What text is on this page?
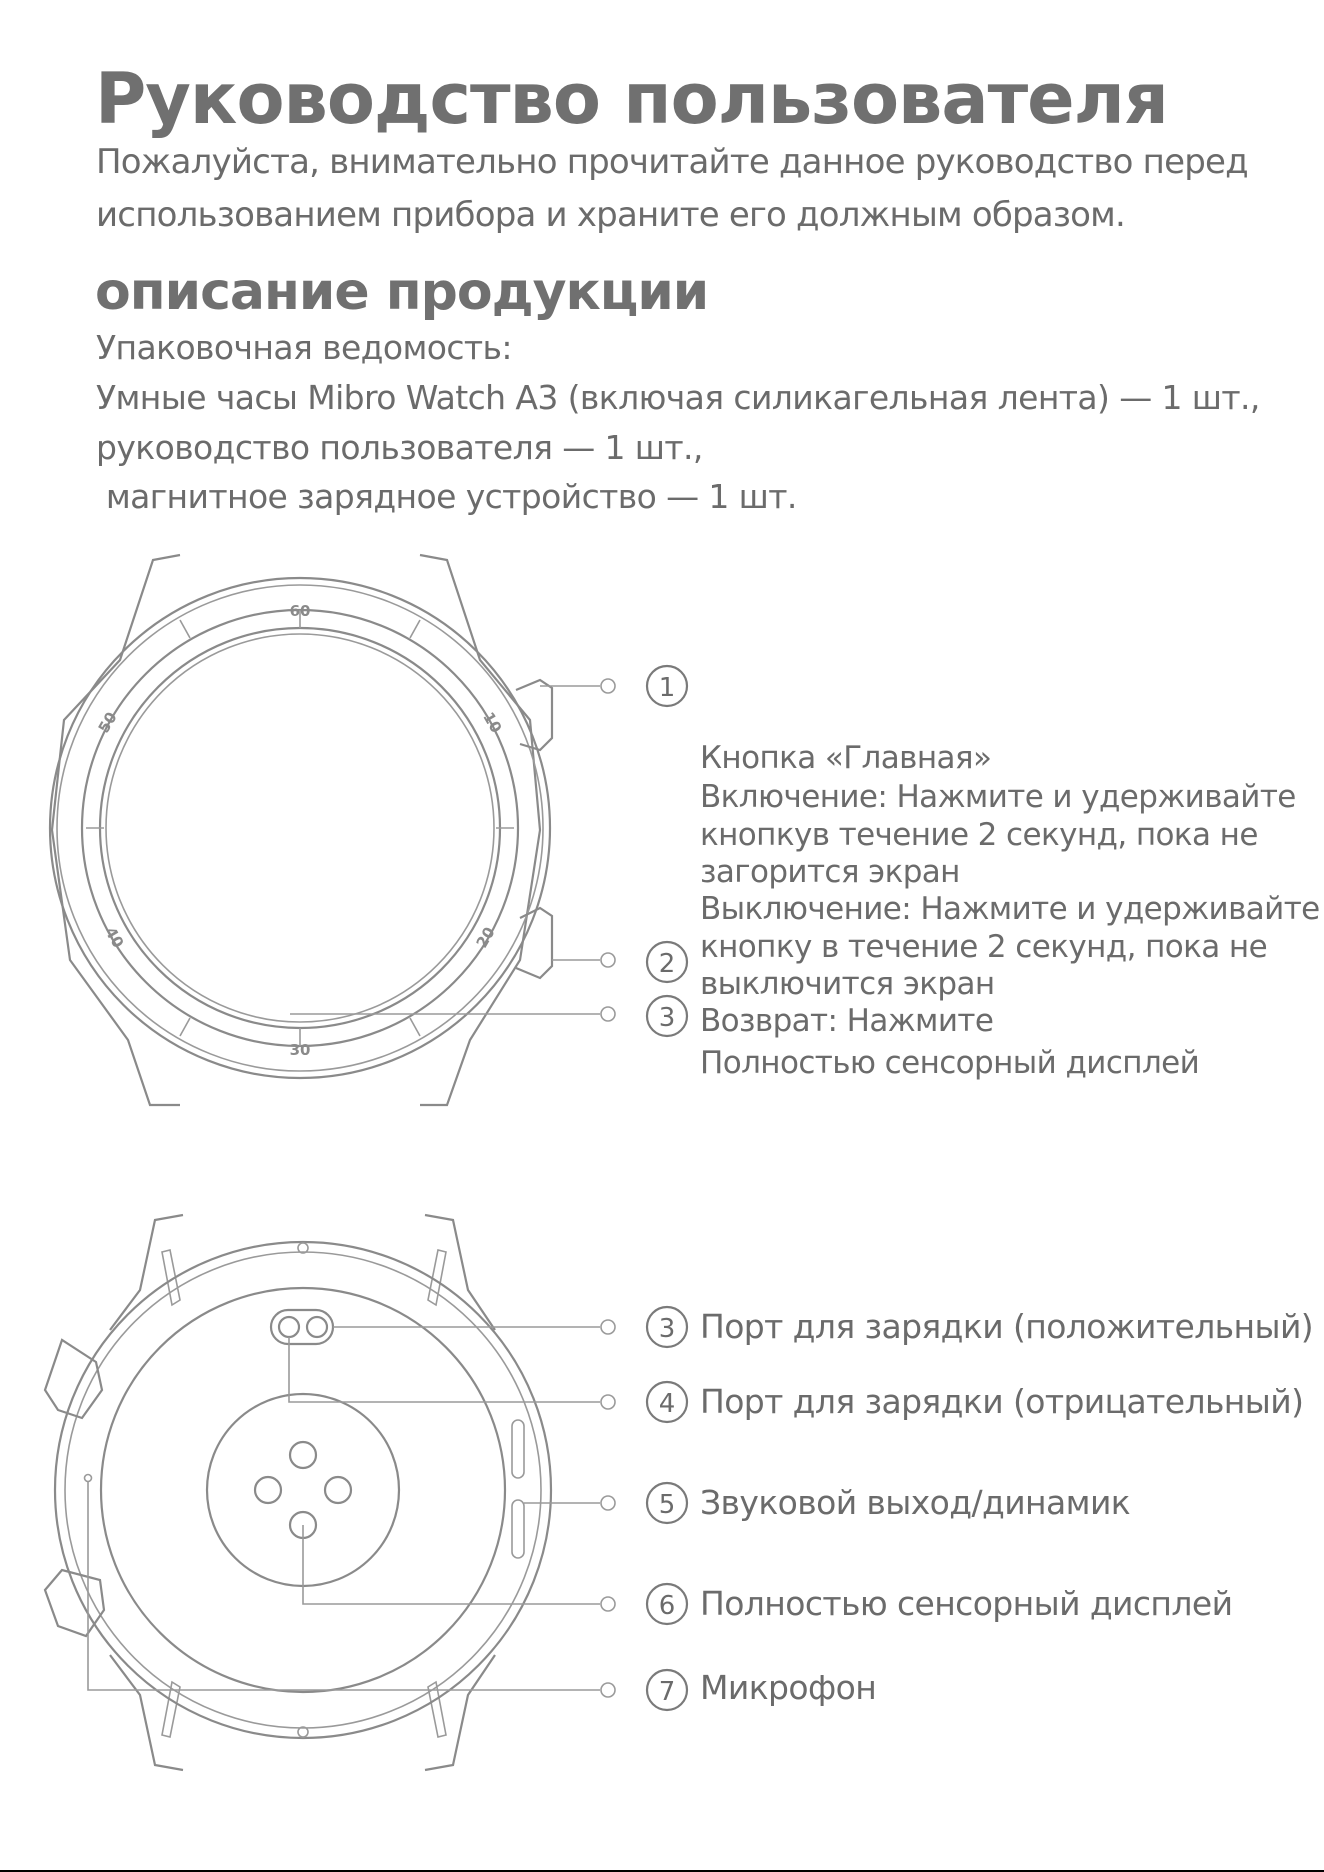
Руководство пользователя
Пожалуйста, внимательно прочитайте данное руководство перед
использованием прибора и храните его должным образом.
описание продукции
Упаковочная ведомость:
Умные часы Mibro Watch A3 (включая силикагельная лента) — 1 шт.,
руководство пользователя — 1 шт.,
магнитное зарядное устройство — 1 шт.
60
10
20
30
40
50
1
2
3
Кнопка «Главная»
Включение: Нажмите и удерживайте
кнопкув течение 2 секунд, пока не
загорится экран
Выключение: Нажмите и удерживайте
кнопку в течение 2 секунд, пока не
выключится экран
Возврат: Нажмите
Полностью сенсорный дисплей
3
4
5
6
7
Порт для зарядки (положительный)
Порт для зарядки (отрицательный)
Звуковой выход/динамик
Полностью сенсорный дисплей
Микрофон
